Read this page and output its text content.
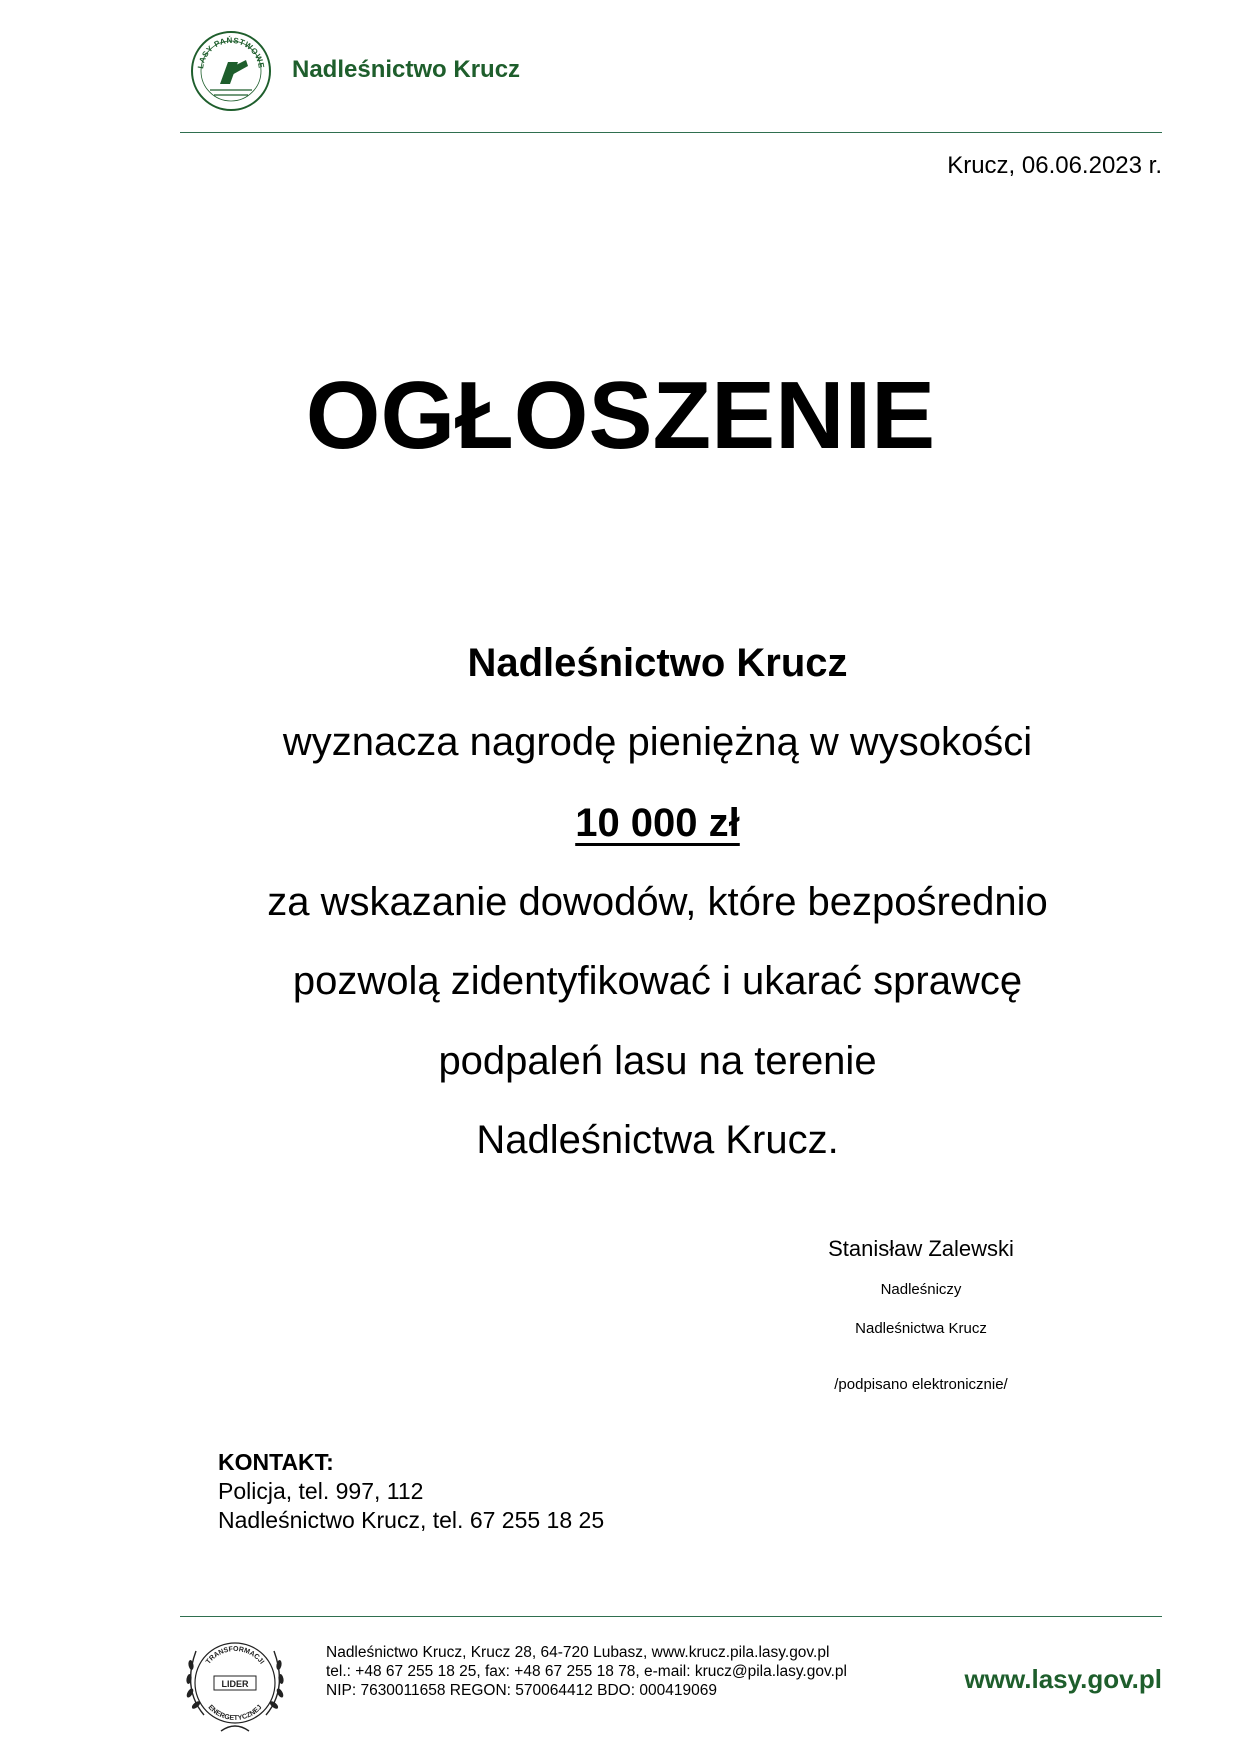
LASY PAŃSTWOWE Nadleśnictwo Krucz
Krucz, 06.06.2023 r.
OGŁOSZENIE
Nadleśnictwo Krucz
wyznacza nagrodę pieniężną w wysokości
10 000 zł
za wskazanie dowodów, które bezpośrednio
pozwolą zidentyfikować i ukarać sprawcę
podpaleń lasu na terenie
Nadleśnictwa Krucz.
Stanisław Zalewski
Nadleśniczy
Nadleśnictwa Krucz
/podpisano elektronicznie/
KONTAKT:
Policja, tel. 997, 112
Nadleśnictwo Krucz, tel. 67 255 18 25
TRANSFORMACJI
ENERGETYCZNEJ
LIDER
Nadleśnictwo Krucz, Krucz 28, 64-720 Lubasz, www.krucz.pila.lasy.gov.pl
tel.: +48 67 255 18 25, fax: +48 67 255 18 78, e-mail: krucz@pila.lasy.gov.pl
NIP: 7630011658 REGON: 570064412 BDO: 000419069	www.lasy.gov.pl
